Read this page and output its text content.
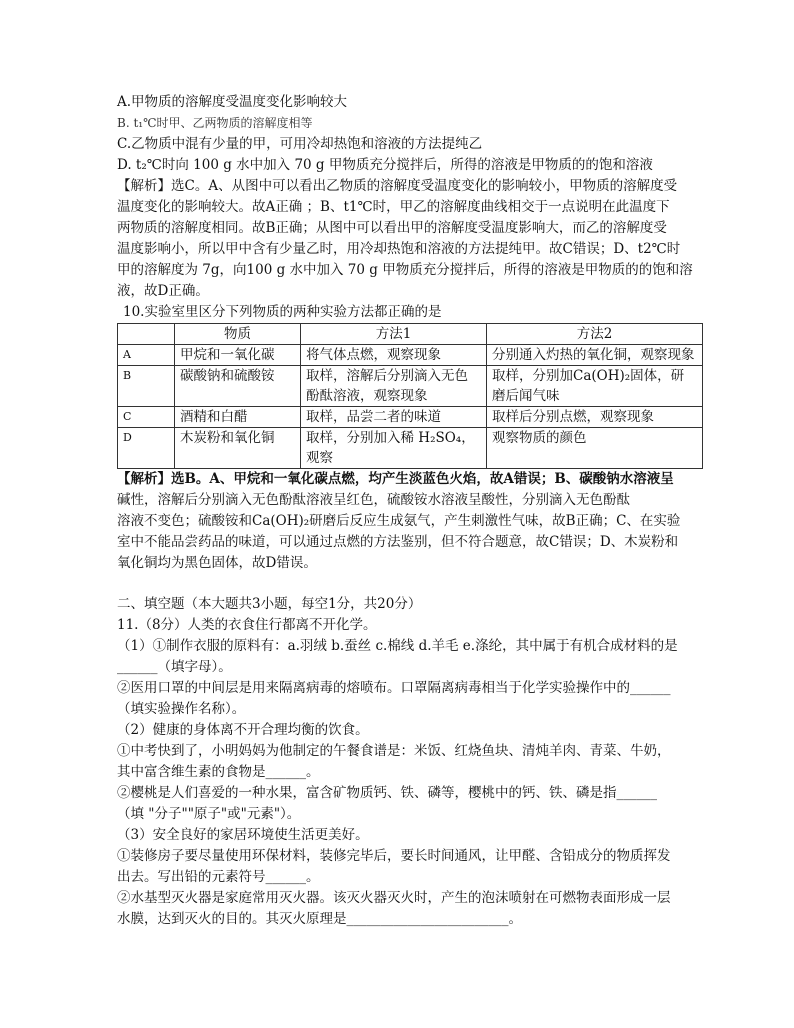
A.甲物质的溶解度受温度变化影响较大
B. t₁℃时甲、乙两物质的溶解度相等
C.乙物质中混有少量的甲，可用冷却热饱和溶液的方法提纯乙
D. t₂℃时向 100 g 水中加入 70 g 甲物质充分搅拌后，所得的溶液是甲物质的的饱和溶液
【解析】选C。A、从图中可以看出乙物质的溶解度受温度变化的影响较小，甲物质的溶解度受
温度变化的影响较大。故A正确 ；B、t1℃时，甲乙的溶解度曲线相交于一点说明在此温度下
两物质的溶解度相同。故B正确；从图中可以看出甲的溶解度受温度影响大，而乙的溶解度受
温度影响小，所以甲中含有少量乙时，用冷却热饱和溶液的方法提纯甲。故C错误；D、t2℃时
甲的溶解度为 7g，向100 g 水中加入 70 g 甲物质充分搅拌后，所得的溶液是甲物质的的饱和溶
液，故D正确。
10.实验室里区分下列物质的两种实验方法都正确的是
	物质	方法1	方法2
A	甲烷和一氧化碳	将气体点燃，观察现象	分别通入灼热的氧化铜，观察现象
B	碳酸钠和硫酸铵	取样，溶解后分别滴入无色酚酞溶液，观察现象	取样，分别加Ca(OH)₂固体，研磨后闻气味
C	酒精和白醋	取样，品尝二者的味道	取样后分别点燃，观察现象
D	木炭粉和氧化铜	取样，分别加入稀 H₂SO₄，观察	观察物质的颜色
【解析】选B。A、甲烷和一氧化碳点燃，均产生淡蓝色火焰，故A错误；B、碳酸钠水溶液呈
碱性，溶解后分别滴入无色酚酞溶液呈红色，硫酸铵水溶液呈酸性，分别滴入无色酚酞
溶液不变色；硫酸铵和Ca(OH)₂研磨后反应生成氨气，产生刺激性气味，故B正确；C、在实验
室中不能品尝药品的味道，可以通过点燃的方法鉴别，但不符合题意，故C错误；D、木炭粉和
氧化铜均为黑色固体，故D错误。
二、填空题（本大题共3小题，每空1分，共20分）
11.（8分）人类的衣食住行都离不开化学。
（1）①制作衣服的原料有：a.羽绒 b.蚕丝 c.棉线 d.羊毛 e.涤纶，其中属于有机合成材料的是
______（填字母）。
②医用口罩的中间层是用来隔离病毒的熔喷布。口罩隔离病毒相当于化学实验操作中的______
（填实验操作名称）。
（2）健康的身体离不开合理均衡的饮食。
①中考快到了，小明妈妈为他制定的午餐食谱是：米饭、红烧鱼块、清炖羊肉、青菜、牛奶，
其中富含维生素的食物是______。
②樱桃是人们喜爱的一种水果，富含矿物质钙、铁、磷等，樱桃中的钙、铁、磷是指______
（填 "分子""原子"或"元素"）。
（3）安全良好的家居环境使生活更美好。
①装修房子要尽量使用环保材料，装修完毕后，要长时间通风，让甲醛、含铅成分的物质挥发
出去。写出铅的元素符号______。
②水基型灭火器是家庭常用灭火器。该灭火器灭火时，产生的泡沫喷射在可燃物表面形成一层
水膜，达到灭火的目的。其灭火原理是________________________。
